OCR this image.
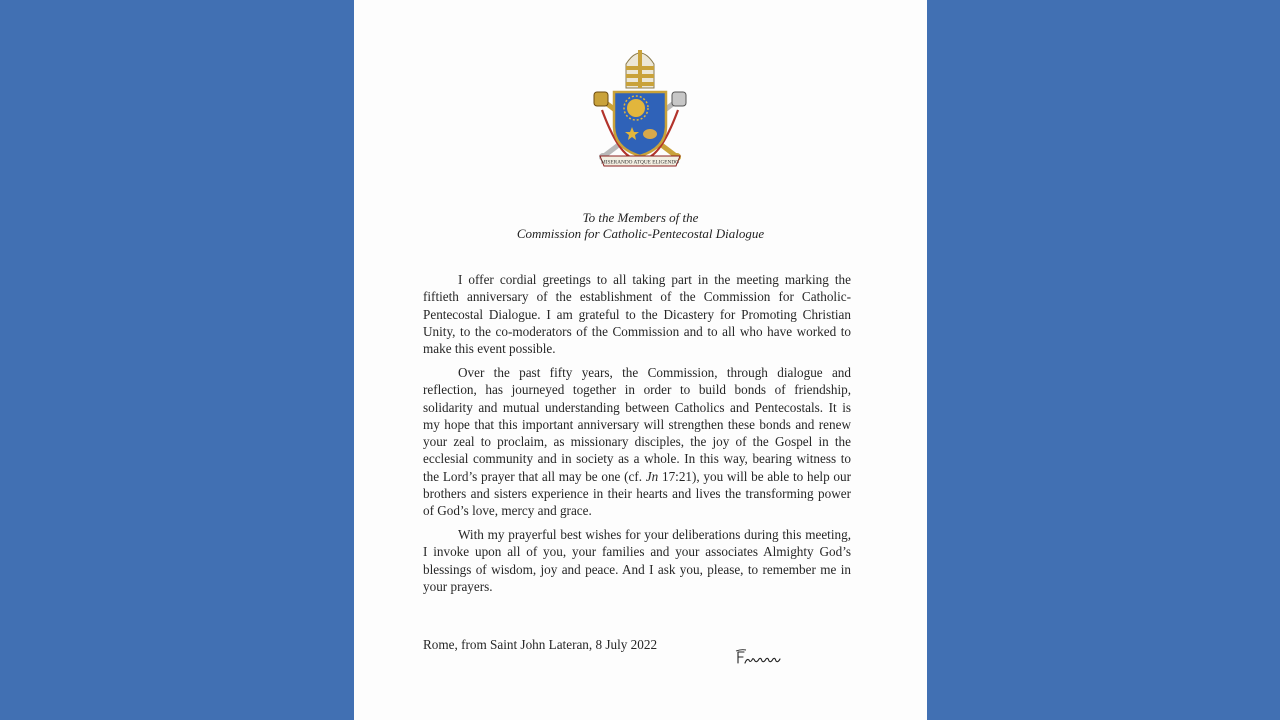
MISERANDO ATQUE ELIGENDO
To the Members of the
Commission for Catholic-Pentecostal Dialogue

I offer cordial greetings to all taking part in the meeting marking the fiftieth anniversary of the establishment of the Commission for Catholic-Pentecostal Dialogue. I am grateful to the Dicastery for Promoting Christian Unity, to the co-moderators of the Commission and to all who have worked to make this event possible.

Over the past fifty years, the Commission, through dialogue and reflection, has journeyed together in order to build bonds of friendship, solidarity and mutual understanding between Catholics and Pentecostals. It is my hope that this important anniversary will strengthen these bonds and renew your zeal to proclaim, as missionary disciples, the joy of the Gospel in the ecclesial community and in society as a whole. In this way, bearing witness to the Lord’s prayer that all may be one (cf. Jn 17:21), you will be able to help our brothers and sisters experience in their hearts and lives the transforming power of God’s love, mercy and grace.

With my prayerful best wishes for your deliberations during this meeting, I invoke upon all of you, your families and your associates Almighty God’s blessings of wisdom, joy and peace. And I ask you, please, to remember me in your prayers.

Rome, from Saint John Lateran, 8 July 2022
